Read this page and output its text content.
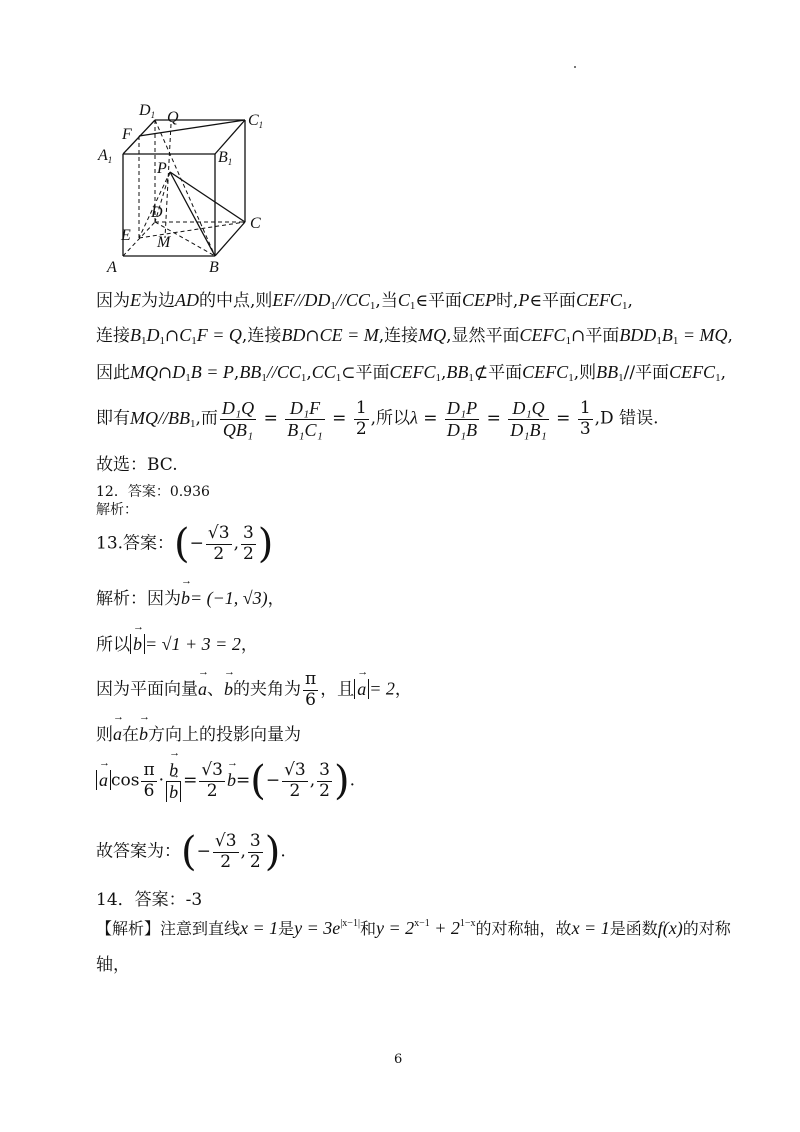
D1	C1
A1	B1
F
Q
P
D
C
E M
A	B
因为E为边AD的中点,则$EF//DD_1//CC_1$,当$C_1\in$平面CEP时,P∈平面$CEFC_1$,
连接$B_1D_1\cap C_1F = Q$,连接BD∩CE = M,连接MQ,显然平面$CEFC_1\cap$平面$BDD_1B_1$ = MQ,
因此$MQ\cap D_1B$ = $P,BB_1//CC_1,CC_1\subset$平面$CEFC_1,BB_1⊄$平面$CEFC_1$,则$BB_1//$平面$CEFC_1$,
即有$MQ//BB_1$,而 $\frac{\text{D₁Q}}{\text{QB₁}} = \frac{\text{D₁F}}{\text{B₁C₁}} = \frac{1}{2}$ ,所以$\lambda = \frac{\text{D₁P}}{\text{D₁B}} = \frac{\text{D₁Q}}{\text{D₁B₁}} = \frac{1}{3} ,D$ 错误.
故选：BC.
12．答案：0.936
解析：
13.答案：(− $\frac{√3}{2}$ , $\frac{3}{2}$ )
解析：因为→ b= (−1, √3)，
所以→ b = √1 + 3 = 2，
因为平面向量→ a、→ b的夹角为 $\frac{\pi}{6}$ ，且→ a = 2，
则→ a在→ b方向上的投影向量为
→ a $\cos \frac{\pi}{6}$ ·
→ b
→ $b = \frac{√3}{2}$
→ $b=(- \frac{√3}{2}$ , $\frac{3}{2}$ ).
故答案为：(− $\frac{√3}{2}$ , $\frac{3}{2}$ ).
14．答案：-3
【解析】注意到直线x = 1是$y = 3e^{|x-1|}$和$y = 2^{x-1} + 2^{1-x}$的对称轴，故x = 1是函数f(x)的对称
轴，
6
